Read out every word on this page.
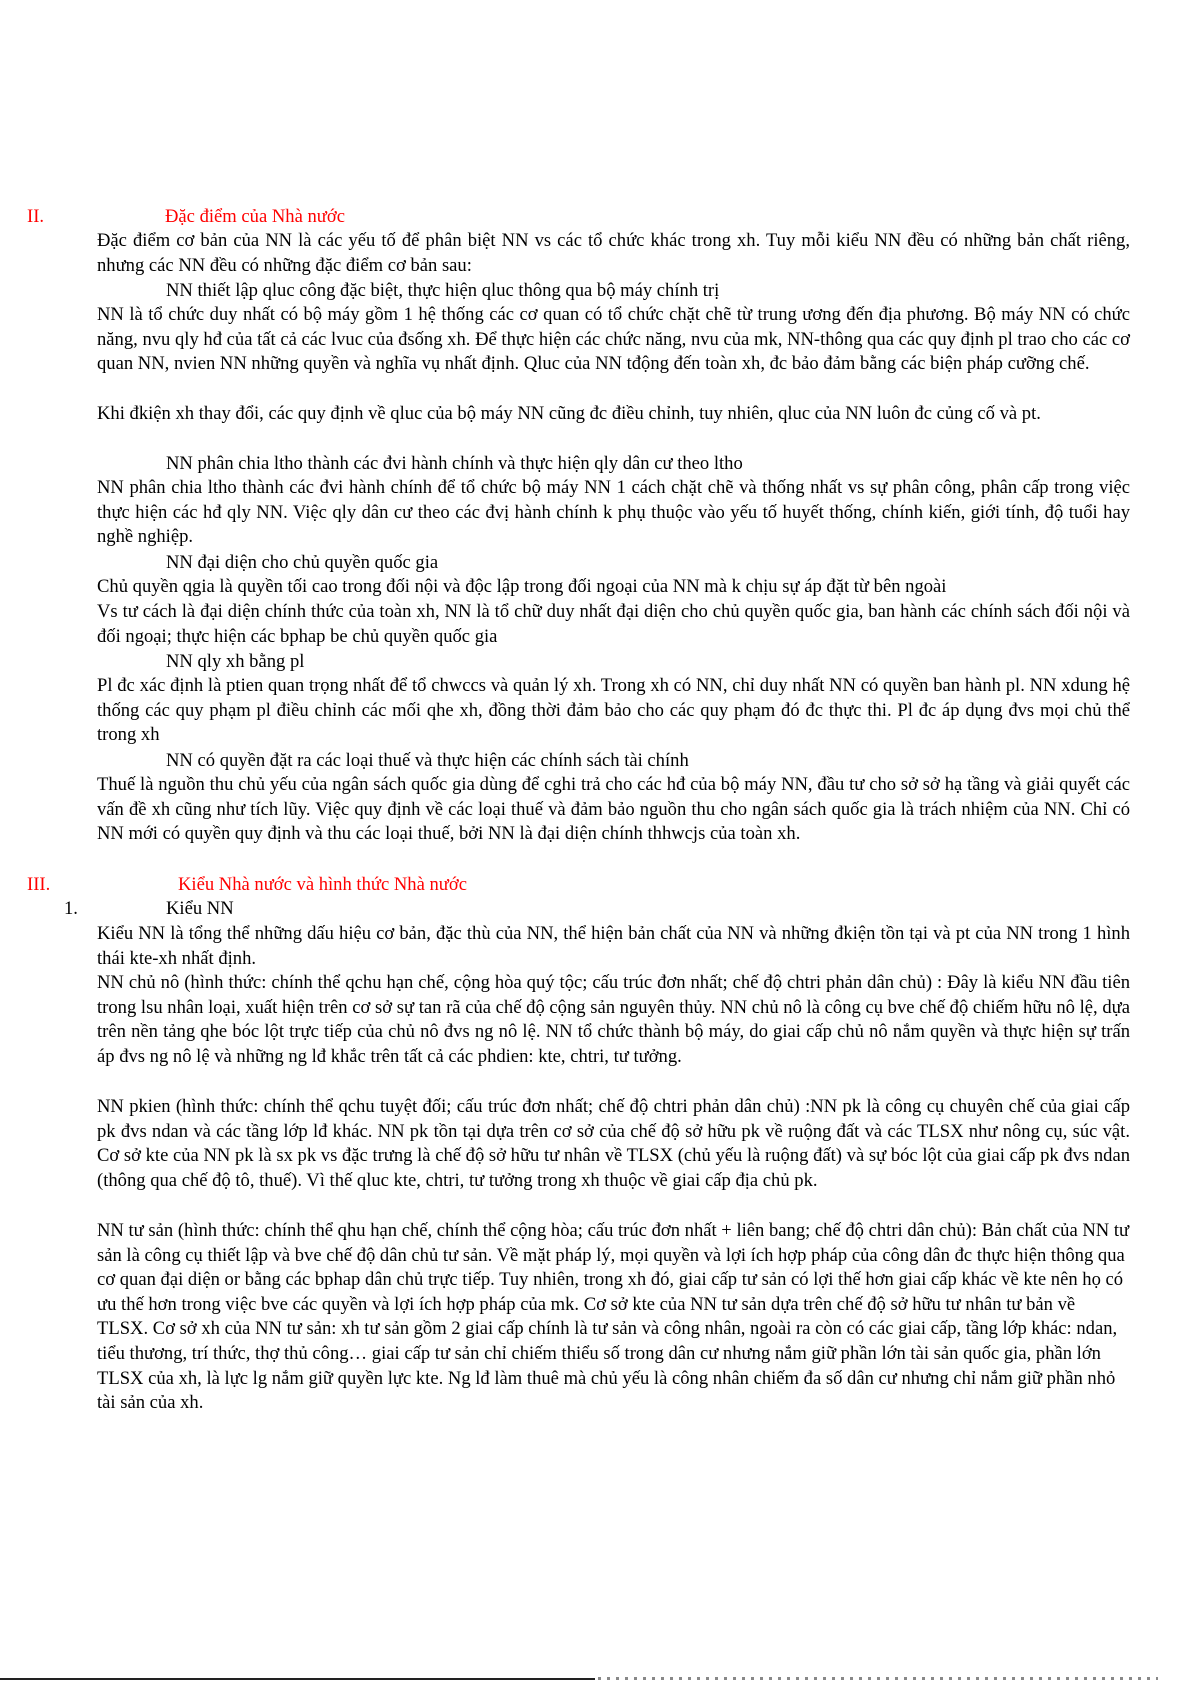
II.	Đặc điểm của Nhà nước
Đặc điểm cơ bản của NN là các yếu tố để phân biệt NN vs các tổ chức khác trong xh. Tuy mỗi kiểu NN đều có những bản chất riêng, nhưng các NN đều có những đặc điểm cơ bản sau:
NN thiết lập qluc công đặc biệt, thực hiện qluc thông qua bộ máy chính trị
NN là tổ chức duy nhất có bộ máy gồm 1 hệ thống các cơ quan có tổ chức chặt chẽ từ trung ương đến địa phương. Bộ máy NN có chức năng, nvu qly hđ của tất cả các lvuc của đsống xh. Để thực hiện các chức năng, nvu của mk, NN-thông qua các quy định pl trao cho các cơ quan NN, nvien NN những quyền và nghĩa vụ nhất định. Qluc của NN tđộng đến toàn xh, đc bảo đảm bằng các biện pháp cưỡng chế.
Khi đkiện xh thay đổi, các quy định về qluc của bộ máy NN cũng đc điều chỉnh, tuy nhiên, qluc của NN luôn đc củng cố và pt.
NN phân chia ltho thành các đvi hành chính và thực hiện qly dân cư theo ltho
NN phân chia ltho thành các đvi hành chính để tổ chức bộ máy NN 1 cách chặt chẽ và thống nhất vs sự phân công, phân cấp trong việc thực hiện các hđ qly NN. Việc qly dân cư theo các đvị hành chính k phụ thuộc vào yếu tố huyết thống, chính kiến, giới tính, độ tuổi hay nghề nghiệp.
NN đại diện cho chủ quyền quốc gia
Chủ quyền qgia là quyền tối cao trong đối nội và độc lập trong đối ngoại của NN mà k chịu sự áp đặt từ bên ngoài
Vs tư cách là đại diện chính thức của toàn xh, NN là tổ chữ duy nhất đại diện cho chủ quyền quốc gia, ban hành các chính sách đối nội và đối ngoại; thực hiện các bphap be chủ quyền quốc gia
NN qly xh bằng pl
Pl đc xác định là ptien quan trọng nhất để tổ chwccs và quản lý xh. Trong xh có NN, chỉ duy nhất NN có quyền ban hành pl. NN xdung hệ thống các quy phạm pl điều chỉnh các mối qhe xh, đồng thời đảm bảo cho các quy phạm đó đc thực thi. Pl đc áp dụng đvs mọi chủ thể trong xh
NN có quyền đặt ra các loại thuế và thực hiện các chính sách tài chính
Thuế là nguồn thu chủ yếu của ngân sách quốc gia dùng để cghi trả cho các hđ của bộ máy NN, đầu tư cho sở sở hạ tầng và giải quyết các vấn đề xh cũng như tích lũy. Việc quy định về các loại thuế và đảm bảo nguồn thu cho ngân sách quốc gia là trách nhiệm của NN. Chỉ có NN mới có quyền quy định và thu các loại thuế, bởi NN là đại diện chính thhwcjs của toàn xh.
III.	Kiểu Nhà nước và hình thức Nhà nước
1.	Kiểu NN
Kiểu NN là tổng thể những dấu hiệu cơ bản, đặc thù của NN, thể hiện bản chất của NN và những đkiện tồn tại và pt của NN trong 1 hình thái kte-xh nhất định.
NN chủ nô (hình thức: chính thể qchu hạn chế, cộng hòa quý tộc; cấu trúc đơn nhất; chế độ chtri phản dân chủ) : Đây là kiểu NN đầu tiên trong lsu nhân loại, xuất hiện trên cơ sở sự tan rã của chế độ cộng sản nguyên thủy. NN chủ nô là công cụ bve chế độ chiếm hữu nô lệ, dựa trên nền tảng qhe bóc lột trực tiếp của chủ nô đvs ng nô lệ. NN tổ chức thành bộ máy, do giai cấp chủ nô nắm quyền và thực hiện sự trấn áp đvs ng nô lệ và những ng lđ khắc trên tất cả các phdien: kte, chtri, tư tưởng.
NN pkien (hình thức: chính thể qchu tuyệt đối; cấu trúc đơn nhất; chế độ chtri phản dân chủ) :NN pk là công cụ chuyên chế của giai cấp pk đvs ndan và các tầng lớp lđ khác. NN pk tồn tại dựa trên cơ sở của chế độ sở hữu pk về ruộng đất và các TLSX như nông cụ, súc vật. Cơ sở kte của NN pk là sx pk vs đặc trưng là chế độ sở hữu tư nhân về TLSX (chủ yếu là ruộng đất) và sự bóc lột của giai cấp pk đvs ndan (thông qua chế độ tô, thuế). Vì thế qluc kte, chtri, tư tưởng trong xh thuộc về giai cấp địa chủ pk.
NN tư sản (hình thức: chính thể qhu hạn chế, chính thể cộng hòa; cấu trúc đơn nhất + liên bang; chế độ chtri dân chủ): Bản chất của NN tư sản là công cụ thiết lập và bve chế độ dân chủ tư sản. Về mặt pháp lý, mọi quyền và lợi ích hợp pháp của công dân đc thực hiện thông qua cơ quan đại diện or bằng các bphap dân chủ trực tiếp. Tuy nhiên, trong xh đó, giai cấp tư sản có lợi thế hơn giai cấp khác về kte nên họ có ưu thế hơn trong việc bve các quyền và lợi ích hợp pháp của mk. Cơ sở kte của NN tư sản dựa trên chế độ sở hữu tư nhân tư bản về TLSX. Cơ sở xh của NN tư sản: xh tư sản gồm 2 giai cấp chính là tư sản và công nhân, ngoài ra còn có các giai cấp, tầng lớp khác: ndan, tiểu thương, trí thức, thợ thủ công… giai cấp tư sản chỉ chiếm thiểu số trong dân cư nhưng nắm giữ phần lớn tài sản quốc gia, phần lớn TLSX của xh, là lực lg nắm giữ quyền lực kte. Ng lđ làm thuê mà chủ yếu là công nhân chiếm đa số dân cư nhưng chỉ nắm giữ phần nhỏ tài sản của xh.
